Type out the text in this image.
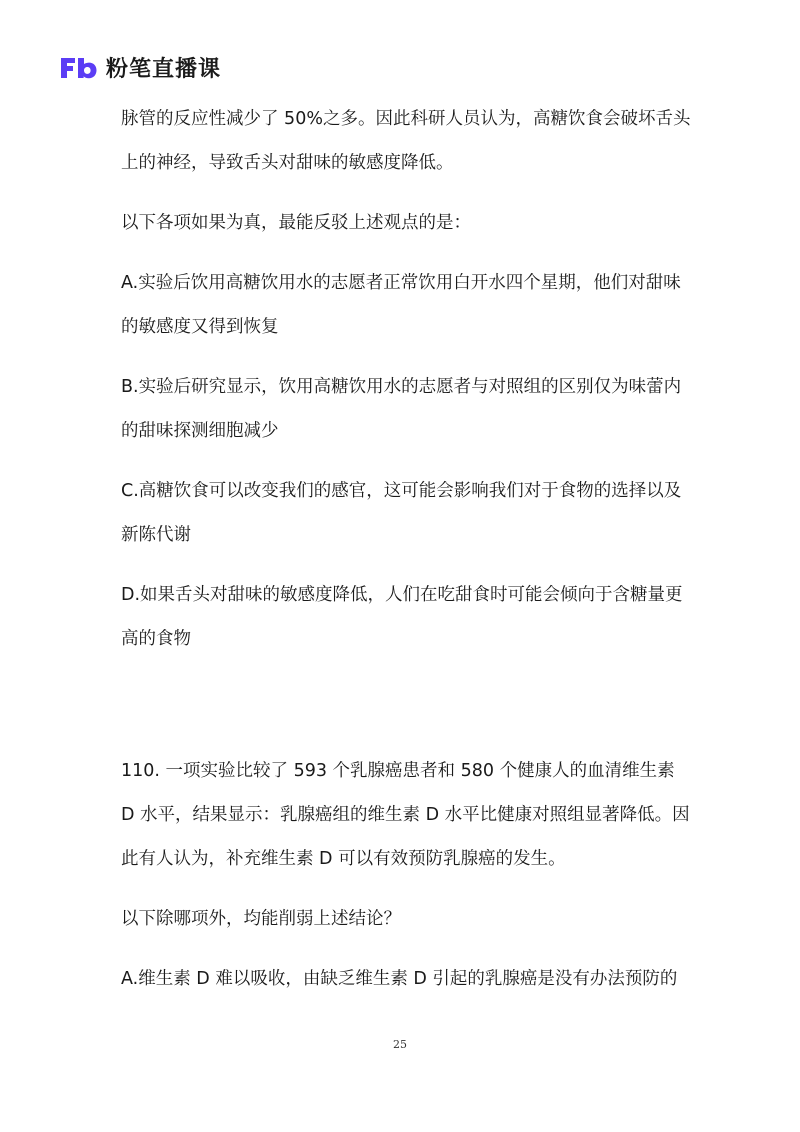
粉笔直播课

脉管的反应性减少了 50%之多。因此科研人员认为，高糖饮食会破坏舌头上的神经，导致舌头对甜味的敏感度降低。

以下各项如果为真，最能反驳上述观点的是：

A.实验后饮用高糖饮用水的志愿者正常饮用白开水四个星期，他们对甜味的敏感度又得到恢复

B.实验后研究显示，饮用高糖饮用水的志愿者与对照组的区别仅为味蕾内的甜味探测细胞减少

C.高糖饮食可以改变我们的感官，这可能会影响我们对于食物的选择以及新陈代谢

D.如果舌头对甜味的敏感度降低，人们在吃甜食时可能会倾向于含糖量更高的食物

110. 一项实验比较了 593 个乳腺癌患者和 580 个健康人的血清维生素 D 水平，结果显示：乳腺癌组的维生素 D 水平比健康对照组显著降低。因此有人认为，补充维生素 D 可以有效预防乳腺癌的发生。

以下除哪项外，均能削弱上述结论？

A.维生素 D 难以吸收，由缺乏维生素 D 引起的乳腺癌是没有办法预防的

25
